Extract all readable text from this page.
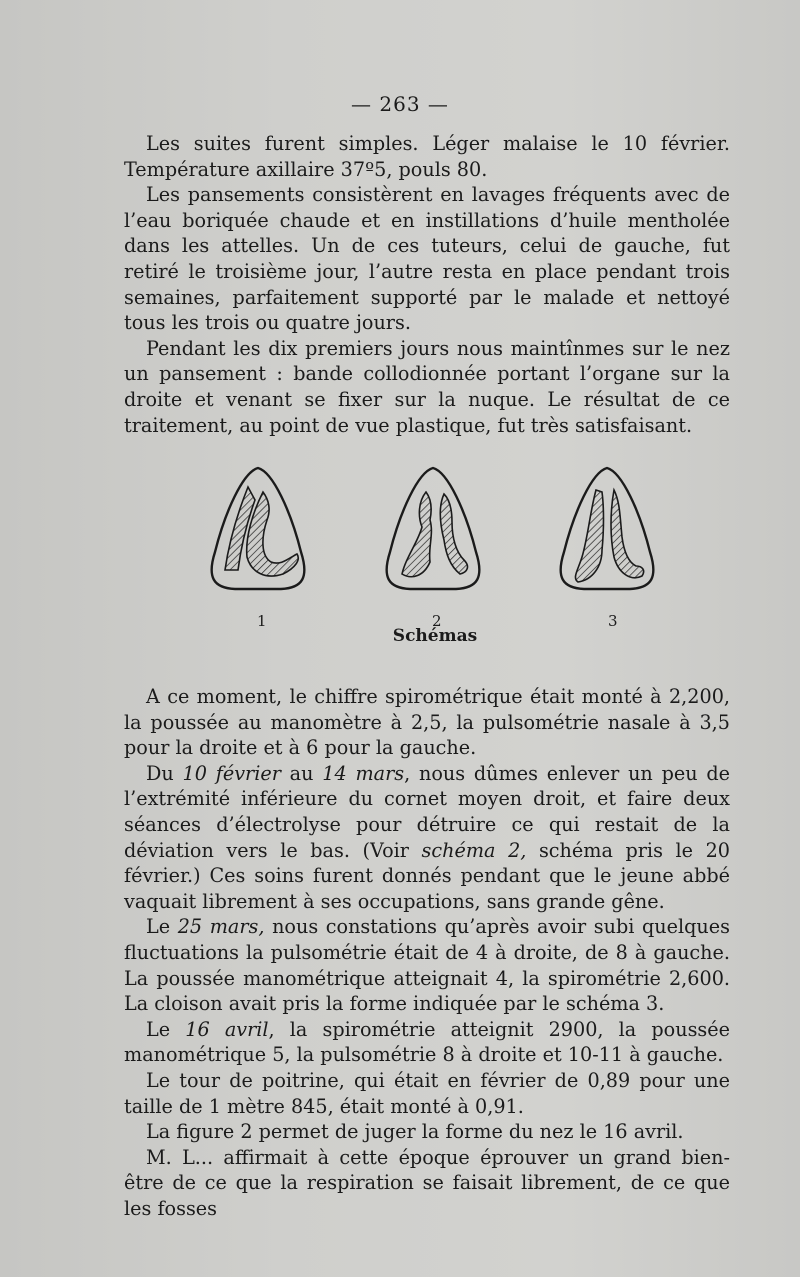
— 263 —

Les suites furent simples. Léger malaise le 10 février. Température axillaire 37º5, pouls 80.

Les pansements consistèrent en lavages fréquents avec de l’eau boriquée chaude et en instillations d’huile mentholée dans les attelles. Un de ces tuteurs, celui de gauche, fut retiré le troisième jour, l’autre resta en place pendant trois semaines, parfaitement supporté par le malade et nettoyé tous les trois ou quatre jours.

Pendant les dix premiers jours nous maintînmes sur le nez un pansement : bande collodionnée portant l’organe sur la droite et venant se fixer sur la nuque. Le résultat de ce traitement, au point de vue plastique, fut très satisfaisant.

1	2	3
Schémas

A ce moment, le chiffre spirométrique était monté à 2,200, la poussée au manomètre à 2,5, la pulsométrie nasale à 3,5 pour la droite et à 6 pour la gauche.

Du 10 février au 14 mars, nous dûmes enlever un peu de l’extrémité inférieure du cornet moyen droit, et faire deux séances d’électrolyse pour détruire ce qui restait de la déviation vers le bas. (Voir schéma 2, schéma pris le 20 février.) Ces soins furent donnés pendant que le jeune abbé vaquait librement à ses occupations, sans grande gêne.

Le 25 mars, nous constations qu’après avoir subi quelques fluctuations la pulsométrie était de 4 à droite, de 8 à gauche. La poussée manométrique atteignait 4, la spirométrie 2,600. La cloison avait pris la forme indiquée par le schéma 3.

Le 16 avril, la spirométrie atteignit 2900, la poussée manométrique 5, la pulsométrie 8 à droite et 10-11 à gauche.

Le tour de poitrine, qui était en février de 0,89 pour une taille de 1 mètre 845, était monté à 0,91.

La figure 2 permet de juger la forme du nez le 16 avril.

M. L... affirmait à cette époque éprouver un grand bien-être de ce que la respiration se faisait librement, de ce que les fosses
